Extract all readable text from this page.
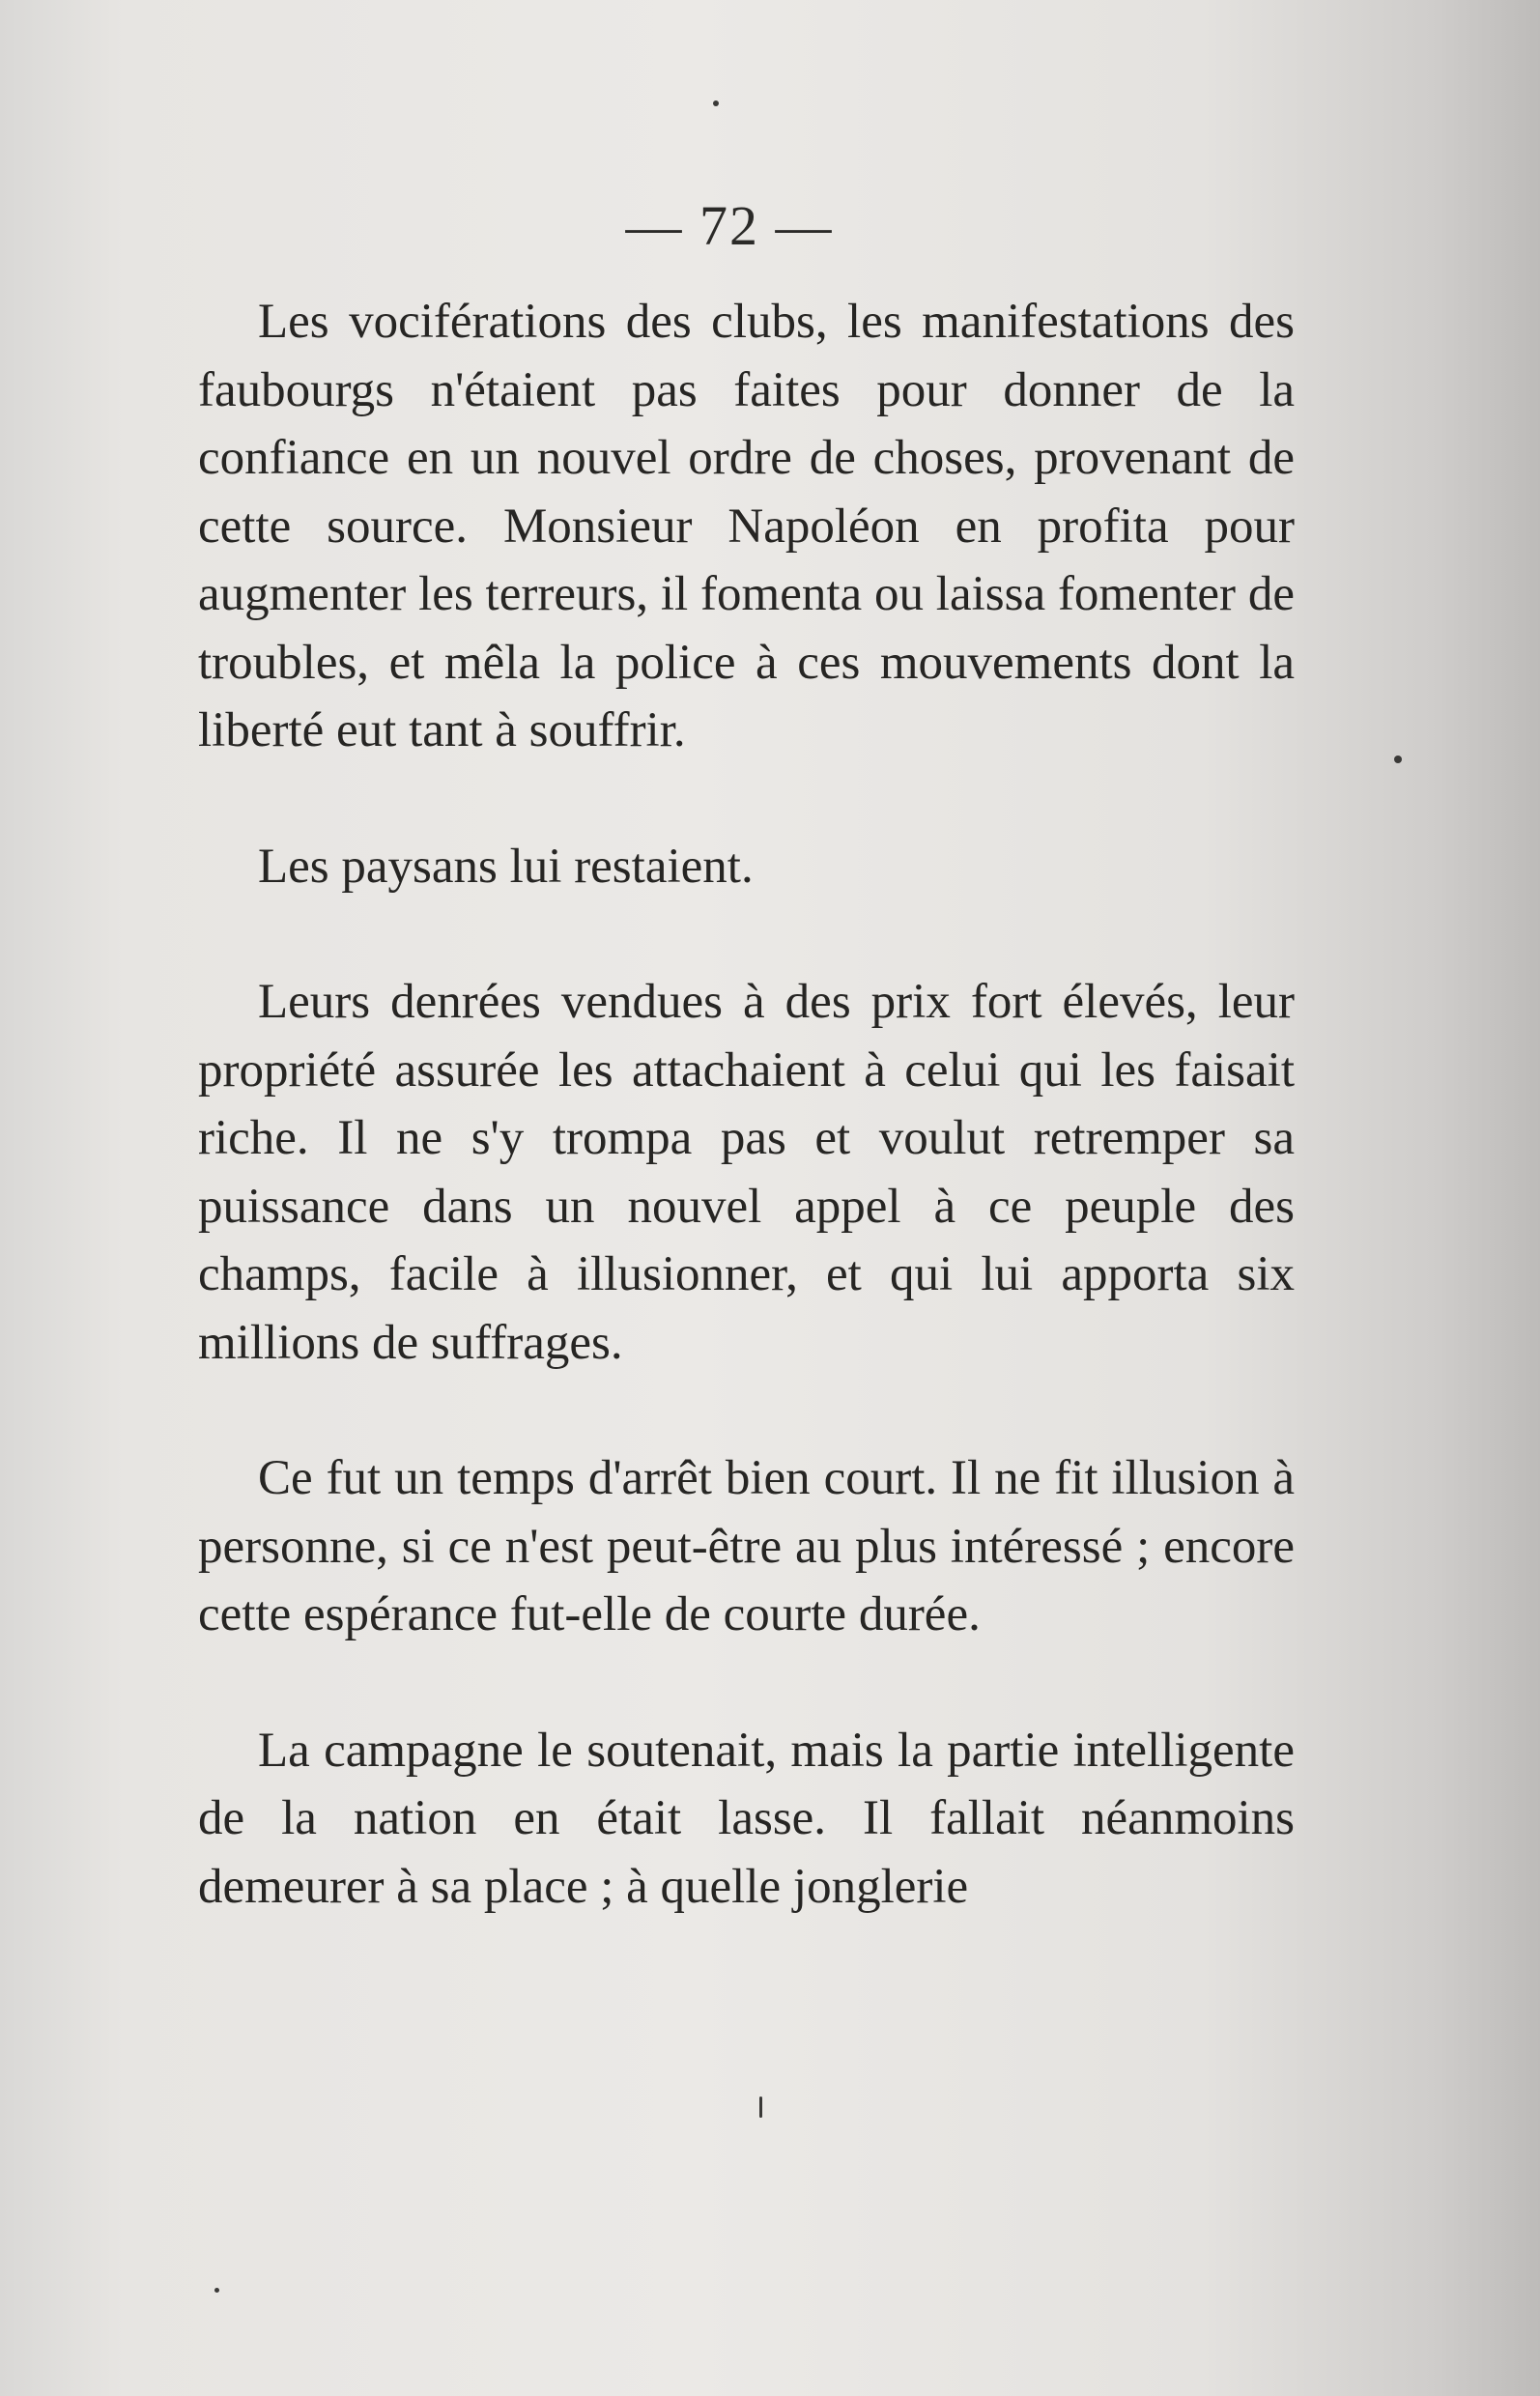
— 72 —

Les vociférations des clubs, les manifestations des faubourgs n'étaient pas faites pour donner de la confiance en un nouvel ordre de choses, provenant de cette source. Monsieur Napoléon en profita pour augmenter les terreurs, il fomenta ou laissa fomenter de troubles, et mêla la police à ces mouvements dont la liberté eut tant à souffrir.

Les paysans lui restaient.

Leurs denrées vendues à des prix fort élevés, leur propriété assurée les attachaient à celui qui les faisait riche. Il ne s'y trompa pas et voulut retremper sa puissance dans un nouvel appel à ce peuple des champs, facile à illusionner, et qui lui apporta six millions de suffrages.

Ce fut un temps d'arrêt bien court. Il ne fit illusion à personne, si ce n'est peut-être au plus intéressé ; encore cette espérance fut-elle de courte durée.

La campagne le soutenait, mais la partie intelligente de la nation en était lasse. Il fallait néanmoins demeurer à sa place ; à quelle jonglerie
